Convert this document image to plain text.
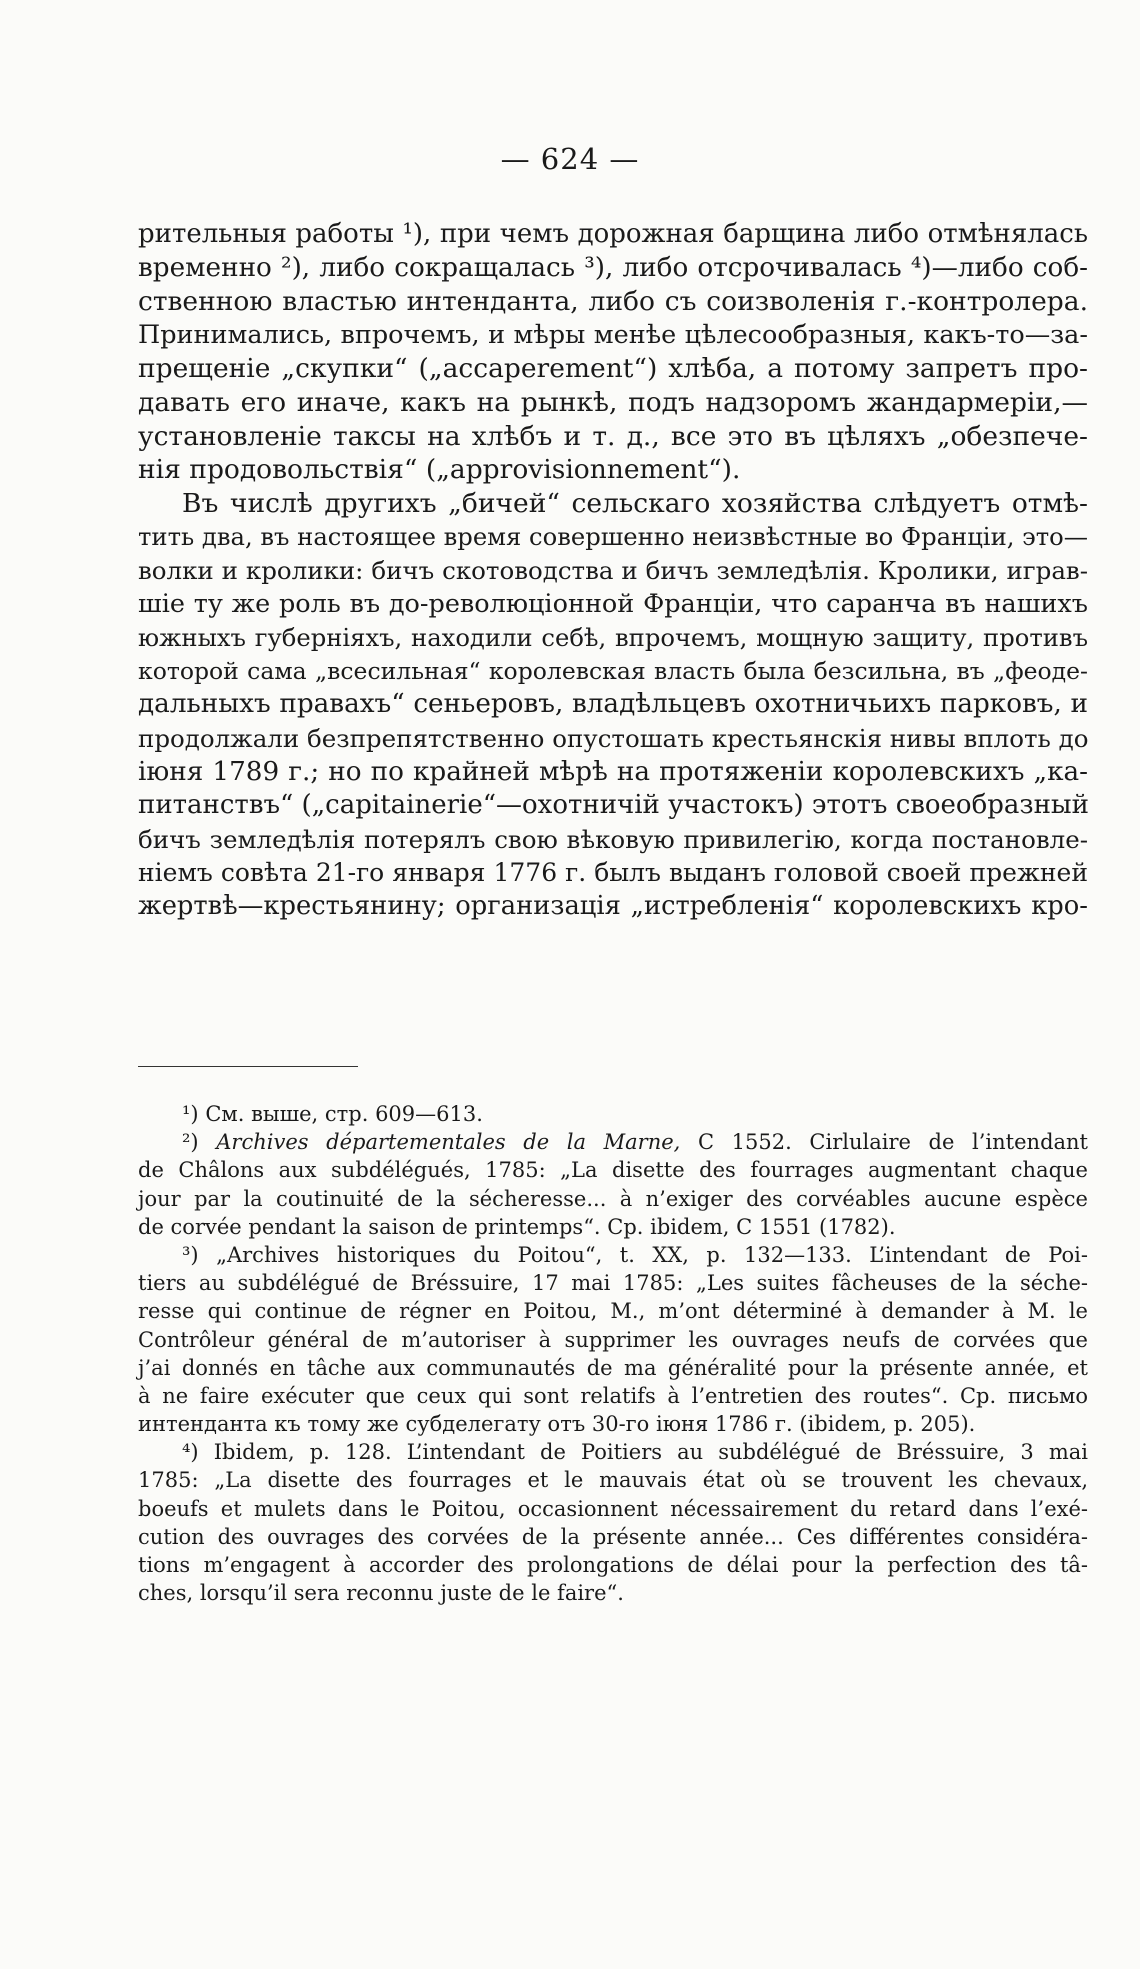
— 624 —
рительныя работы ¹), при чемъ дорожная барщина либо отмѣнялась
временно ²), либо сокращалась ³), либо отсрочивалась ⁴)—либо соб-
ственною властью интенданта, либо съ соизволенія г.-контролера.
Принимались, впрочемъ, и мѣры менѣе цѣлесообразныя, какъ-то—за-
прещеніе „скупки“ („accaperement“) хлѣба, а потому запретъ про-
давать его иначе, какъ на рынкѣ, подъ надзоромъ жандармеріи,—
установленіе таксы на хлѣбъ и т. д., все это въ цѣляхъ „обезпече-
нія продовольствія“ („approvisionnement“).
Въ числѣ другихъ „бичей“ сельскаго хозяйства слѣдуетъ отмѣ-
тить два, въ настоящее время совершенно неизвѣстные во Франціи, это—
волки и кролики: бичъ скотоводства и бичъ земледѣлія. Кролики, играв-
шіе ту же роль въ до-революціонной Франціи, что саранча въ нашихъ
южныхъ губерніяхъ, находили себѣ, впрочемъ, мощную защиту, противъ
которой сама „всесильная“ королевская власть была безсильна, въ „феоде-
дальныхъ правахъ“ сеньеровъ, владѣльцевъ охотничьихъ парковъ, и
продолжали безпрепятственно опустошать крестьянскія нивы вплоть до
іюня 1789 г.; но по крайней мѣрѣ на протяженіи королевскихъ „ка-
питанствъ“ („capitainerie“—охотничій участокъ) этотъ своеобразный
бичъ земледѣлія потерялъ свою вѣковую привилегію, когда постановле-
ніемъ совѣта 21-го января 1776 г. былъ выданъ головой своей прежней
жертвѣ—крестьянину; организація „истребленія“ королевскихъ кро-
¹) См. выше, стр. 609—613.
²) Archives départementales de la Marne, C 1552. Cirlulaire de l’intendant
de Châlons aux subdélégués, 1785: „La disette des fourrages augmentant chaque
jour par la coutinuité de la sécheresse... à n’exiger des corvéables aucune espèce
de corvée pendant la saison de printemps“. Ср. ibidem, C 1551 (1782).
³) „Archives historiques du Poitou“, t. XX, p. 132—133. L’intendant de Poi-
tiers au subdélégué de Bréssuire, 17 mai 1785: „Les suites fâcheuses de la séche-
resse qui continue de régner en Poitou, M., m’ont déterminé à demander à M. le
Contrôleur général de m’autoriser à supprimer les ouvrages neufs de corvées que
j’ai donnés en tâche aux communautés de ma généralité pour la présente année, et
à ne faire exécuter que ceux qui sont relatifs à l’entretien des routes“. Ср. письмо
интенданта къ тому же субделегату отъ 30-го іюня 1786 г. (ibidem, p. 205).
⁴) Ibidem, p. 128. L’intendant de Poitiers au subdélégué de Bréssuire, 3 mai
1785: „La disette des fourrages et le mauvais état où se trouvent les chevaux,
boeufs et mulets dans le Poitou, occasionnent nécessairement du retard dans l’exé-
cution des ouvrages des corvées de la présente année... Ces différentes considéra-
tions m’engagent à accorder des prolongations de délai pour la perfection des tâ-
ches, lorsqu’il sera reconnu juste de le faire“.
